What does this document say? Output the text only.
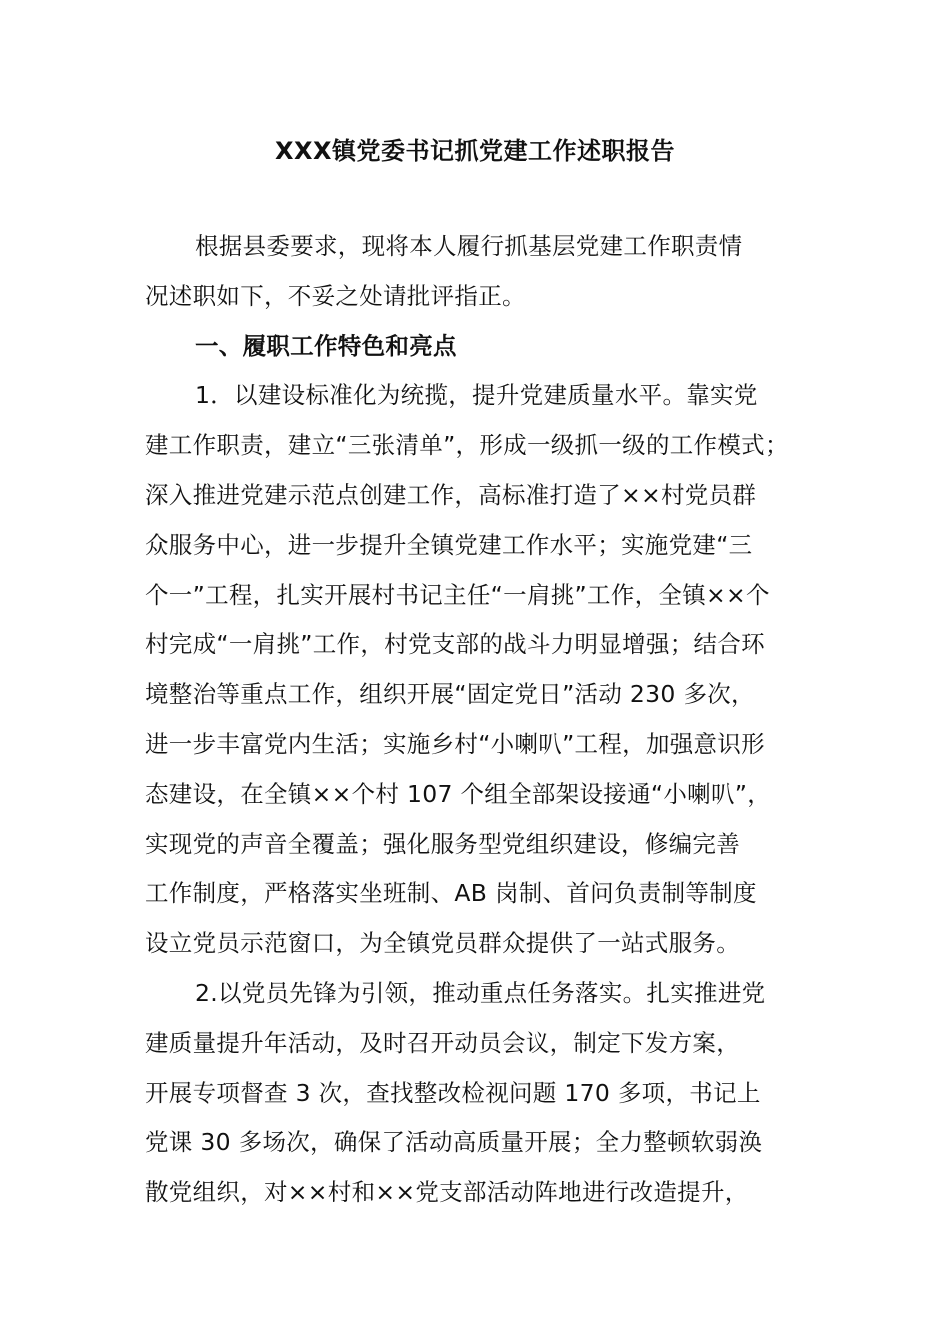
XXX镇党委书记抓党建工作述职报告
根据县委要求，现将本人履行抓基层党建工作职责情
况述职如下，不妥之处请批评指正。
一、履职工作特色和亮点
1．以建设标准化为统揽，提升党建质量水平。靠实党
建工作职责，建立“三张清单”，形成一级抓一级的工作模式；
深入推进党建示范点创建工作，高标准打造了××村党员群
众服务中心，进一步提升全镇党建工作水平；实施党建“三
个一”工程，扎实开展村书记主任“一肩挑”工作，全镇××个
村完成“一肩挑”工作，村党支部的战斗力明显增强；结合环
境整治等重点工作，组织开展“固定党日”活动 230 多次，
进一步丰富党内生活；实施乡村“小喇叭”工程，加强意识形
态建设，在全镇××个村 107 个组全部架设接通“小喇叭”，
实现党的声音全覆盖；强化服务型党组织建设，修编完善
工作制度，严格落实坐班制、AB 岗制、首问负责制等制度
设立党员示范窗口，为全镇党员群众提供了一站式服务。
2.以党员先锋为引领，推动重点任务落实。扎实推进党
建质量提升年活动，及时召开动员会议，制定下发方案，
开展专项督查 3 次，查找整改检视问题 170 多项，书记上
党课 30 多场次，确保了活动高质量开展；全力整顿软弱涣
散党组织，对××村和××党支部活动阵地进行改造提升，
